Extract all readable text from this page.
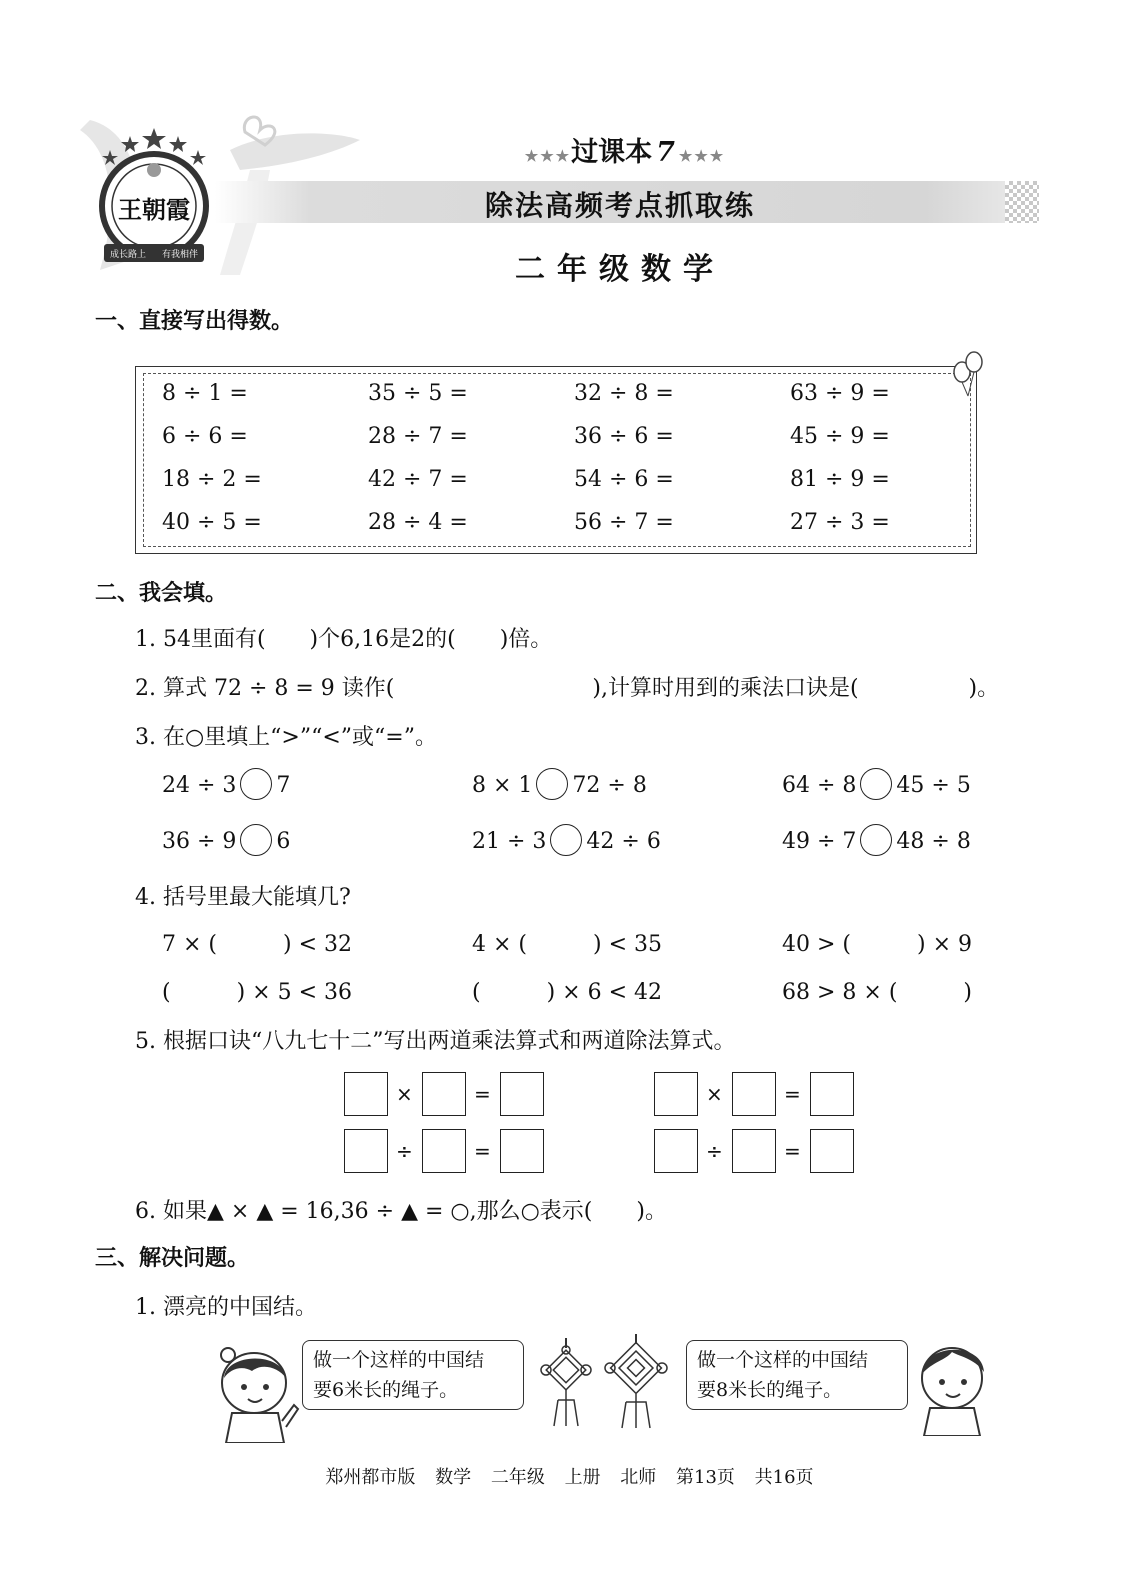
王朝霞
成长路上 有我相伴
★★★过课本 7 ★★★
除法高频考点抓取练
二年级数学
一、直接写出得数。
8 ÷ 1 =	35 ÷ 5 =	32 ÷ 8 =	63 ÷ 9 =
6 ÷ 6 =	28 ÷ 7 =	36 ÷ 6 =	45 ÷ 9 =
18 ÷ 2 =	42 ÷ 7 =	54 ÷ 6 =	81 ÷ 9 =
40 ÷ 5 =	28 ÷ 4 =	56 ÷ 7 =	27 ÷ 3 =
二、我会填。
1. 54里面有(　　)个6,16是2的(　　)倍。
2. 算式 72 ÷ 8 = 9 读作(　　　　　　　　　),计算时用到的乘法口诀是(　　　　　)。
3. 在○里填上“>”“<”或“=”。
24 ÷ 3 7	8 × 1 72 ÷ 8	64 ÷ 8 45 ÷ 5
36 ÷ 9 6	21 ÷ 3 42 ÷ 6	49 ÷ 7 48 ÷ 8
4. 括号里最大能填几?
7 × (　　　) < 32	4 × (　　　) < 35	40 > (　　　) × 9
(　　　) × 5 < 36	(　　　) × 6 < 42	68 > 8 × (　　　)
5. 根据口诀“八九七十二”写出两道乘法算式和两道除法算式。
×	=	×	=
÷	=	÷	=
6. 如果▲ × ▲ = 16,36 ÷ ▲ = ○,那么○表示(　　)。
三、解决问题。
1. 漂亮的中国结。
做一个这样的中国结
要6米长的绳子。
做一个这样的中国结
要8米长的绳子。
郑州都市版 数学 二年级 上册 北师 第13页 共16页
